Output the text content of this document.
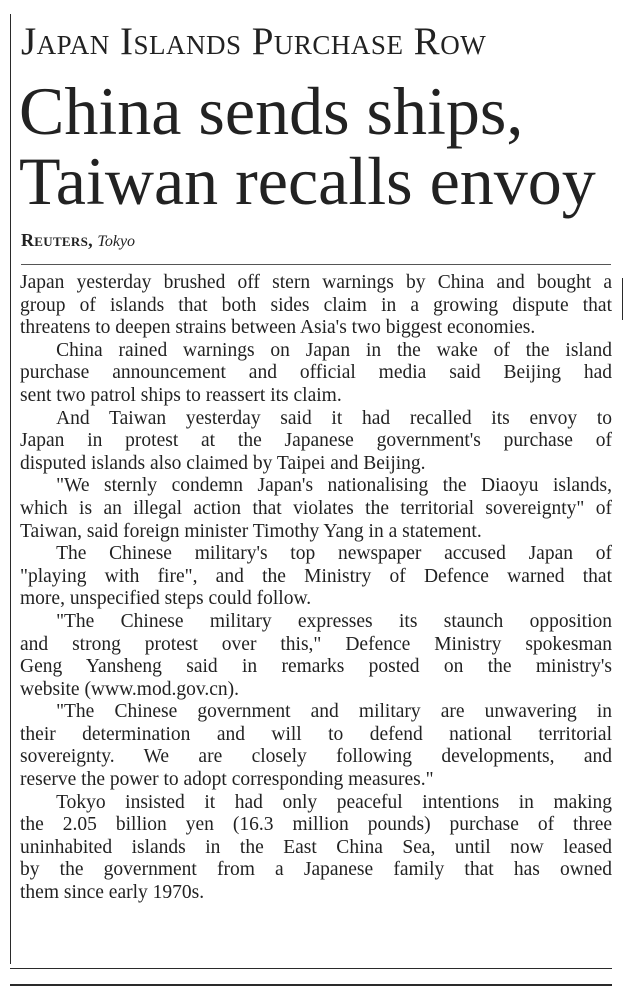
Japan Islands Purchase Row
China sends ships,
Taiwan recalls envoy
Reuters, Tokyo

Japan yesterday brushed off stern warnings by China and bought a
group of islands that both sides claim in a growing dispute that
threatens to deepen strains between Asia's two biggest economies.

China rained warnings on Japan in the wake of the island
purchase announcement and official media said Beijing had
sent two patrol ships to reassert its claim.

And Taiwan yesterday said it had recalled its envoy to
Japan in protest at the Japanese government's purchase of
disputed islands also claimed by Taipei and Beijing.

"We sternly condemn Japan's nationalising the Diaoyu islands,
which is an illegal action that violates the territorial sovereignty" of
Taiwan, said foreign minister Timothy Yang in a statement.

The Chinese military's top newspaper accused Japan of
"playing with fire", and the Ministry of Defence warned that
more, unspecified steps could follow.

"The Chinese military expresses its staunch opposition
and strong protest over this," Defence Ministry spokesman
Geng Yansheng said in remarks posted on the ministry's
website (www.mod.gov.cn).

"The Chinese government and military are unwavering in
their determination and will to defend national territorial
sovereignty. We are closely following developments, and
reserve the power to adopt corresponding measures."

Tokyo insisted it had only peaceful intentions in making
the 2.05 billion yen (16.3 million pounds) purchase of three
uninhabited islands in the East China Sea, until now leased
by the government from a Japanese family that has owned
them since early 1970s.
